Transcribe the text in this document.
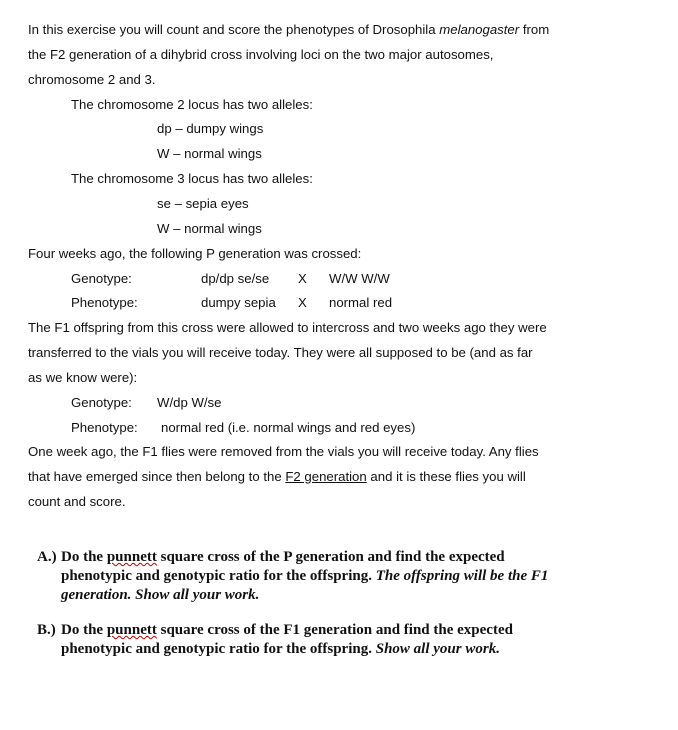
In this exercise you will count and score the phenotypes of Drosophila melanogaster from
the F2 generation of a dihybrid cross involving loci on the two major autosomes,
chromosome 2 and 3.
The chromosome 2 locus has two alleles:
dp – dumpy wings
W – normal wings
The chromosome 3 locus has two alleles:
se – sepia eyes
W – normal wings
Four weeks ago, the following P generation was crossed:
Genotype:	dp/dp se/se X W/W W/W
Phenotype:	dumpy sepia X normal red
The F1 offspring from this cross were allowed to intercross and two weeks ago they were
transferred to the vials you will receive today. They were all supposed to be (and as far
as we know were):
Genotype: W/dp W/se
Phenotype: normal red (i.e. normal wings and red eyes)
One week ago, the F1 flies were removed from the vials you will receive today. Any flies
that have emerged since then belong to the F2 generation and it is these flies you will
count and score.
A.) Do the punnett square cross of the P generation and find the expected
phenotypic and genotypic ratio for the offspring. The offspring will be the F1
generation. Show all your work.
B.) Do the punnett square cross of the F1 generation and find the expected
phenotypic and genotypic ratio for the offspring. Show all your work.
